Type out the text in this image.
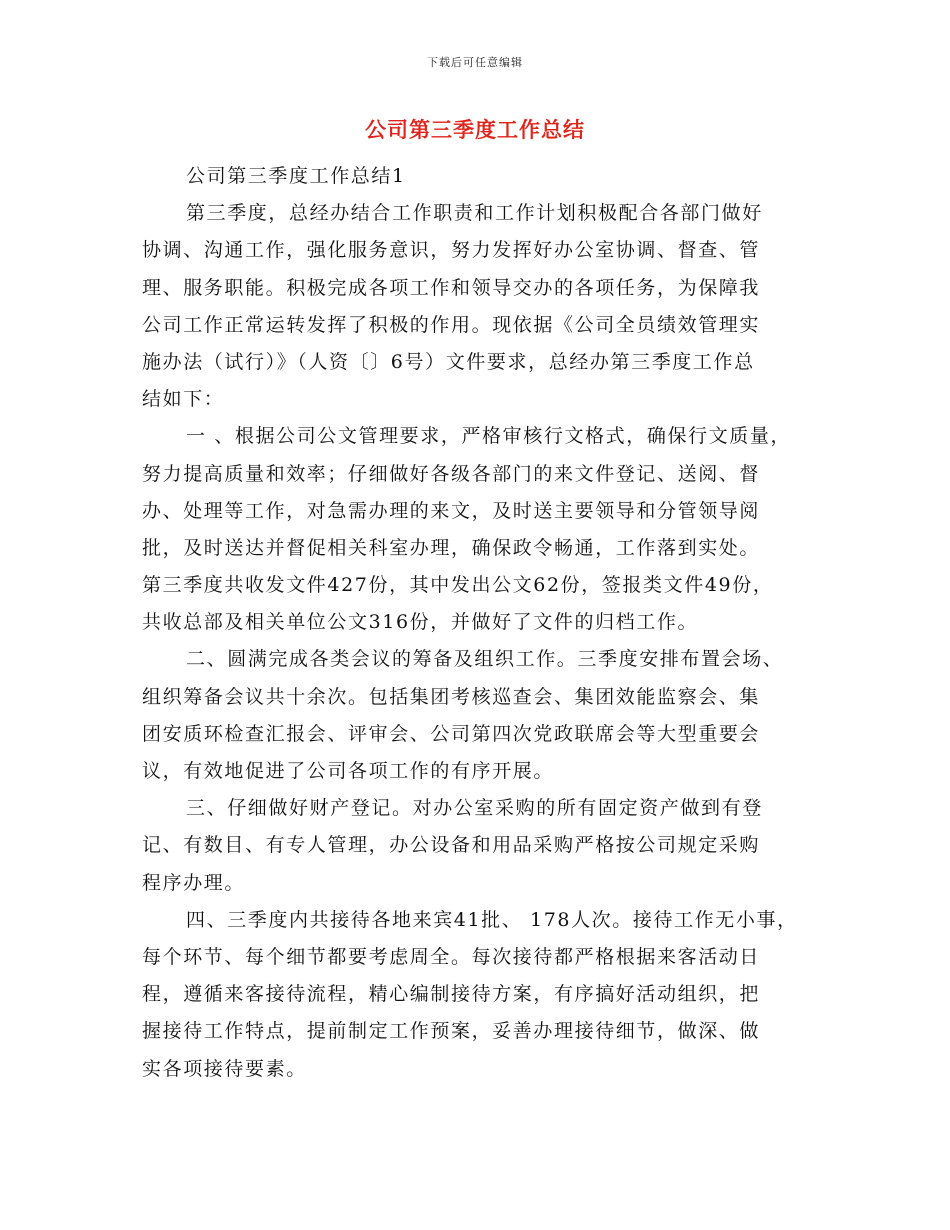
下载后可任意编辑
公司第三季度工作总结
公司第三季度工作总结1
第三季度，总经办结合工作职责和工作计划积极配合各部门做好
协调、沟通工作，强化服务意识，努力发挥好办公室协调、督查、管
理、服务职能。积极完成各项工作和领导交办的各项任务，为保障我
公司工作正常运转发挥了积极的作用。现依据《公司全员绩效管理实
施办法（试行）》（人资〔〕6号）文件要求，总经办第三季度工作总
结如下：
一 、根据公司公文管理要求，严格审核行文格式，确保行文质量，
努力提高质量和效率；仔细做好各级各部门的来文件登记、送阅、督
办、处理等工作，对急需办理的来文，及时送主要领导和分管领导阅
批，及时送达并督促相关科室办理，确保政令畅通，工作落到实处。
第三季度共收发文件427份，其中发出公文62份，签报类文件49份，
共收总部及相关单位公文316份，并做好了文件的归档工作。
二、圆满完成各类会议的筹备及组织工作。三季度安排布置会场、
组织筹备会议共十余次。包括集团考核巡查会、集团效能监察会、集
团安质环检查汇报会、评审会、公司第四次党政联席会等大型重要会
议，有效地促进了公司各项工作的有序开展。
三、仔细做好财产登记。对办公室采购的所有固定资产做到有登
记、有数目、有专人管理，办公设备和用品采购严格按公司规定采购
程序办理。
四、三季度内共接待各地来宾41批、 178人次。接待工作无小事，
每个环节、每个细节都要考虑周全。每次接待都严格根据来客活动日
程，遵循来客接待流程，精心编制接待方案，有序搞好活动组织，把
握接待工作特点，提前制定工作预案，妥善办理接待细节，做深、做
实各项接待要素。
